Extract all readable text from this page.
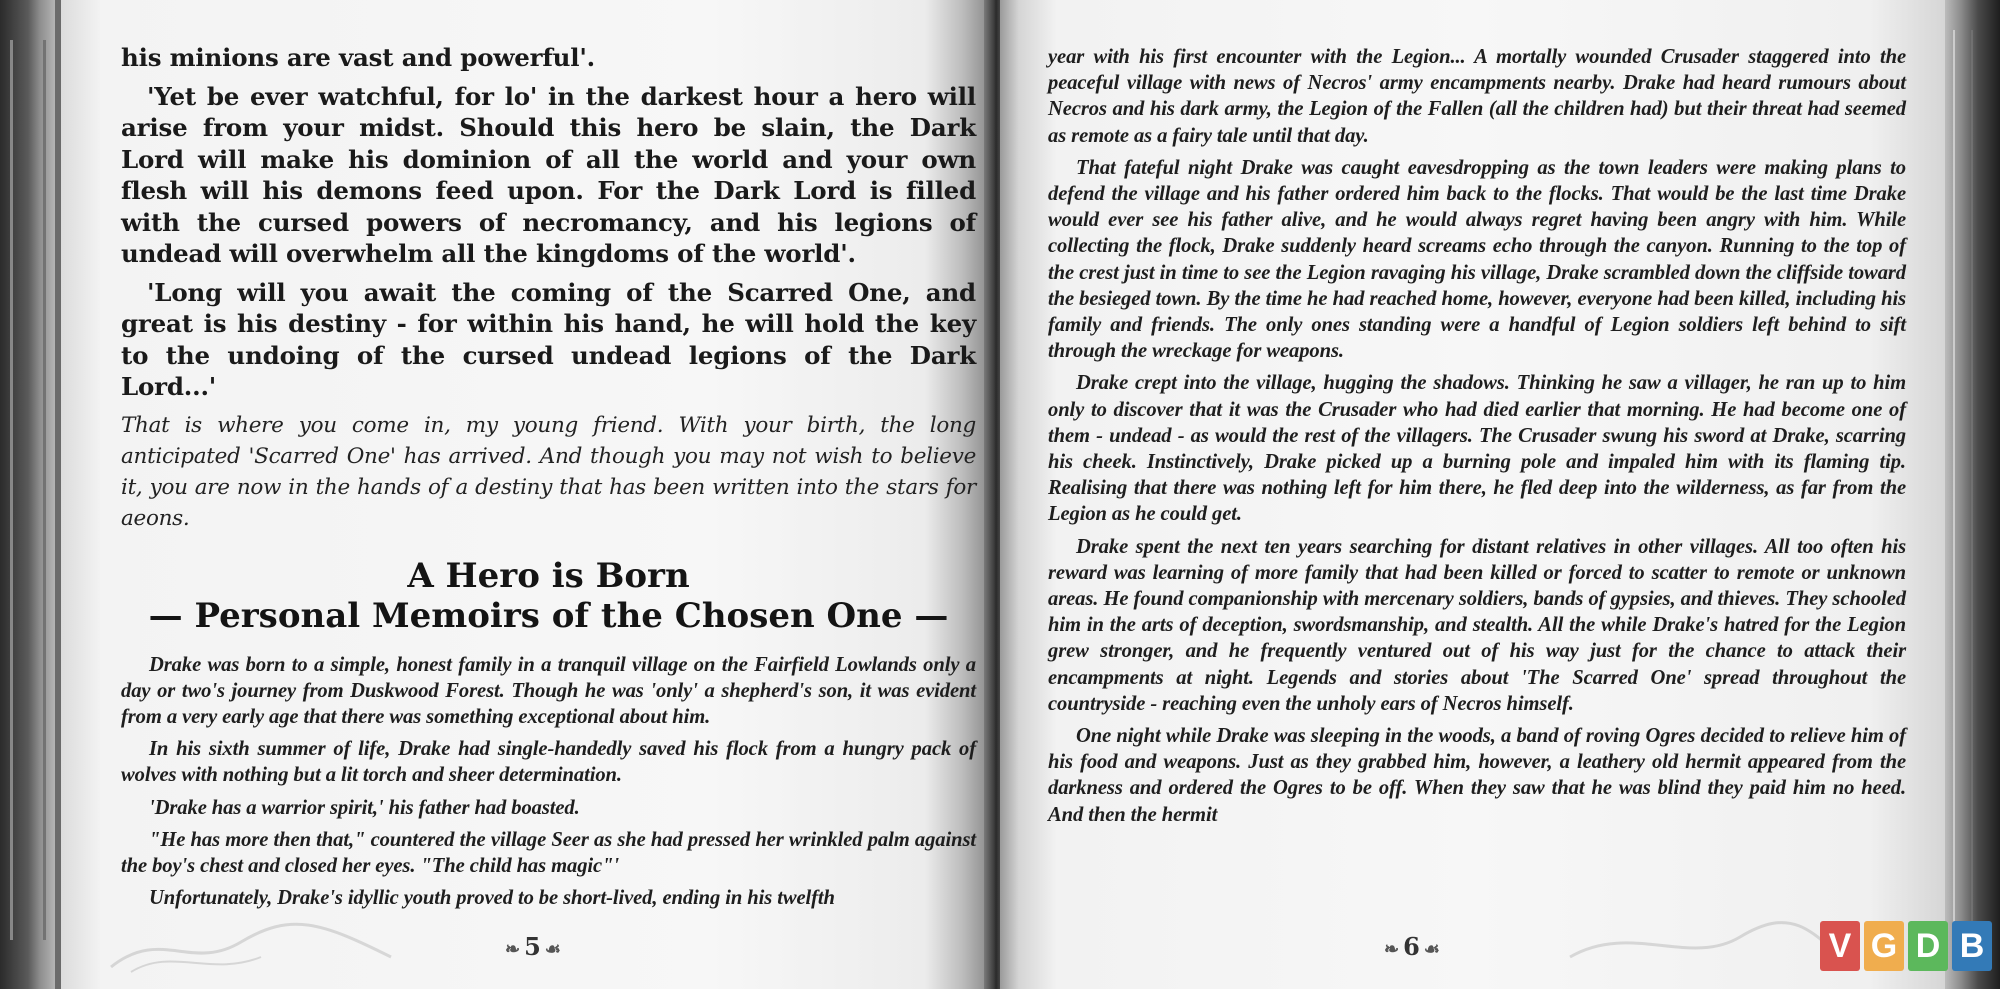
his minions are vast and powerful'.

'Yet be ever watchful, for lo' in the darkest hour a hero will arise from your midst. Should this hero be slain, the Dark Lord will make his dominion of all the world and your own flesh will his demons feed upon. For the Dark Lord is filled with the cursed powers of necromancy, and his legions of undead will overwhelm all the kingdoms of the world'.

'Long will you await the coming of the Scarred One, and great is his destiny - for within his hand, he will hold the key to the undoing of the cursed undead legions of the Dark Lord...'

That is where you come in, my young friend. With your birth, the long anticipated 'Scarred One' has arrived. And though you may not wish to believe it, you are now in the hands of a destiny that has been written into the stars for aeons.

A Hero is Born
— Personal Memoirs of the Chosen One —

Drake was born to a simple, honest family in a tranquil village on the Fairfield Lowlands only a day or two's journey from Duskwood Forest. Though he was 'only' a shepherd's son, it was evident from a very early age that there was something exceptional about him.

In his sixth summer of life, Drake had single-handedly saved his flock from a hungry pack of wolves with nothing but a lit torch and sheer determination.

'Drake has a warrior spirit,' his father had boasted.

"He has more then that," countered the village Seer as she had pressed her wrinkled palm against the boy's chest and closed her eyes. "The child has magic"'

Unfortunately, Drake's idyllic youth proved to be short-lived, ending in his twelfth

❧ 5 ☙

year with his first encounter with the Legion... A mortally wounded Crusader staggered into the peaceful village with news of Necros' army encampments nearby. Drake had heard rumours about Necros and his dark army, the Legion of the Fallen (all the children had) but their threat had seemed as remote as a fairy tale until that day.

That fateful night Drake was caught eavesdropping as the town leaders were making plans to defend the village and his father ordered him back to the flocks. That would be the last time Drake would ever see his father alive, and he would always regret having been angry with him. While collecting the flock, Drake suddenly heard screams echo through the canyon. Running to the top of the crest just in time to see the Legion ravaging his village, Drake scrambled down the cliffside toward the besieged town. By the time he had reached home, however, everyone had been killed, including his family and friends. The only ones standing were a handful of Legion soldiers left behind to sift through the wreckage for weapons.

Drake crept into the village, hugging the shadows. Thinking he saw a villager, he ran up to him only to discover that it was the Crusader who had died earlier that morning. He had become one of them - undead - as would the rest of the villagers. The Crusader swung his sword at Drake, scarring his cheek. Instinctively, Drake picked up a burning pole and impaled him with its flaming tip. Realising that there was nothing left for him there, he fled deep into the wilderness, as far from the Legion as he could get.

Drake spent the next ten years searching for distant relatives in other villages. All too often his reward was learning of more family that had been killed or forced to scatter to remote or unknown areas. He found companionship with mercenary soldiers, bands of gypsies, and thieves. They schooled him in the arts of deception, swordsmanship, and stealth. All the while Drake's hatred for the Legion grew stronger, and he frequently ventured out of his way just for the chance to attack their encampments at night. Legends and stories about 'The Scarred One' spread throughout the countryside - reaching even the unholy ears of Necros himself.

One night while Drake was sleeping in the woods, a band of roving Ogres decided to relieve him of his food and weapons. Just as they grabbed him, however, a leathery old hermit appeared from the darkness and ordered the Ogres to be off. When they saw that he was blind they paid him no heed. And then the hermit

❧ 6 ☙	V G D B
